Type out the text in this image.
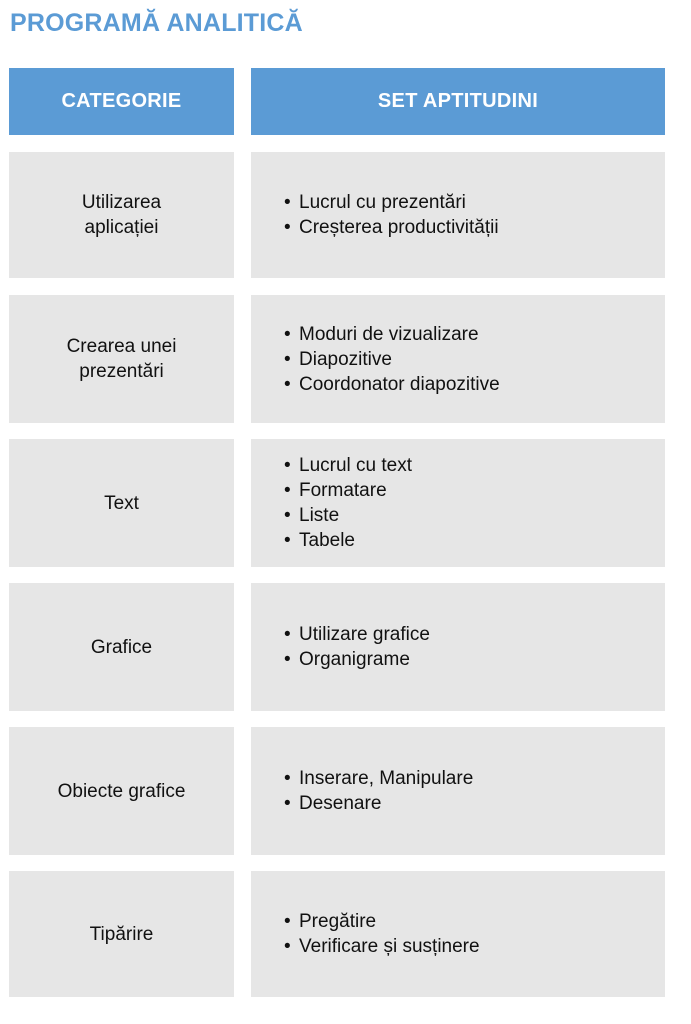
PROGRAMĂ ANALITICĂ
CATEGORIE	SET APTITUDINI
Utilizarea aplicației
• Lucrul cu prezentări
• Creșterea productivității
Crearea unei prezentări
• Moduri de vizualizare
• Diapozitive
• Coordonator diapozitive
Text
• Lucrul cu text
• Formatare
• Liste
• Tabele
Grafice
• Utilizare grafice
• Organigrame
Obiecte grafice
• Inserare, Manipulare
• Desenare
Tipărire
• Pregătire
• Verificare și susținere
